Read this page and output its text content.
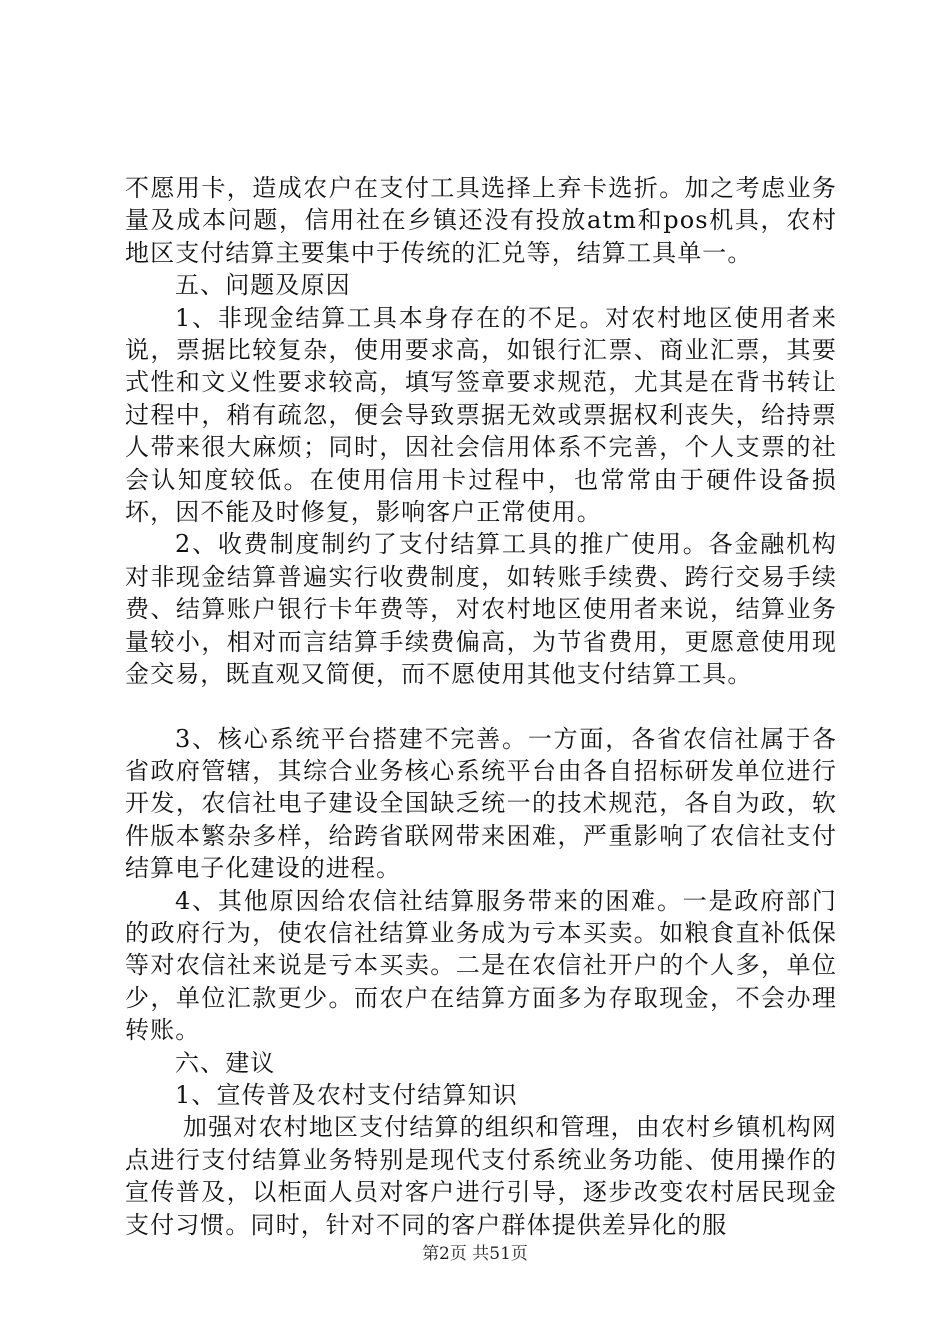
不愿用卡，造成农户在支付工具选择上弃卡选折。加之考虑业务量及成本问题，信用社在乡镇还没有投放atm和pos机具，农村地区支付结算主要集中于传统的汇兑等，结算工具单一。

五、问题及原因

1、非现金结算工具本身存在的不足。对农村地区使用者来说，票据比较复杂，使用要求高，如银行汇票、商业汇票，其要式性和文义性要求较高，填写签章要求规范，尤其是在背书转让过程中，稍有疏忽，便会导致票据无效或票据权利丧失，给持票人带来很大麻烦；同时，因社会信用体系不完善，个人支票的社会认知度较低。在使用信用卡过程中，也常常由于硬件设备损坏，因不能及时修复，影响客户正常使用。

2、收费制度制约了支付结算工具的推广使用。各金融机构对非现金结算普遍实行收费制度，如转账手续费、跨行交易手续费、结算账户银行卡年费等，对农村地区使用者来说，结算业务量较小，相对而言结算手续费偏高，为节省费用，更愿意使用现金交易，既直观又简便，而不愿使用其他支付结算工具。

3、核心系统平台搭建不完善。一方面，各省农信社属于各省政府管辖，其综合业务核心系统平台由各自招标研发单位进行开发，农信社电子建设全国缺乏统一的技术规范，各自为政，软件版本繁杂多样，给跨省联网带来困难，严重影响了农信社支付结算电子化建设的进程。

4、其他原因给农信社结算服务带来的困难。一是政府部门的政府行为，使农信社结算业务成为亏本买卖。如粮食直补低保等对农信社来说是亏本买卖。二是在农信社开户的个人多，单位少，单位汇款更少。而农户在结算方面多为存取现金，不会办理转账。

六、建议

1、宣传普及农村支付结算知识

加强对农村地区支付结算的组织和管理，由农村乡镇机构网点进行支付结算业务特别是现代支付系统业务功能、使用操作的宣传普及，以柜面人员对客户进行引导，逐步改变农村居民现金支付习惯。同时，针对不同的客户群体提供差异化的服

第2页 共51页
